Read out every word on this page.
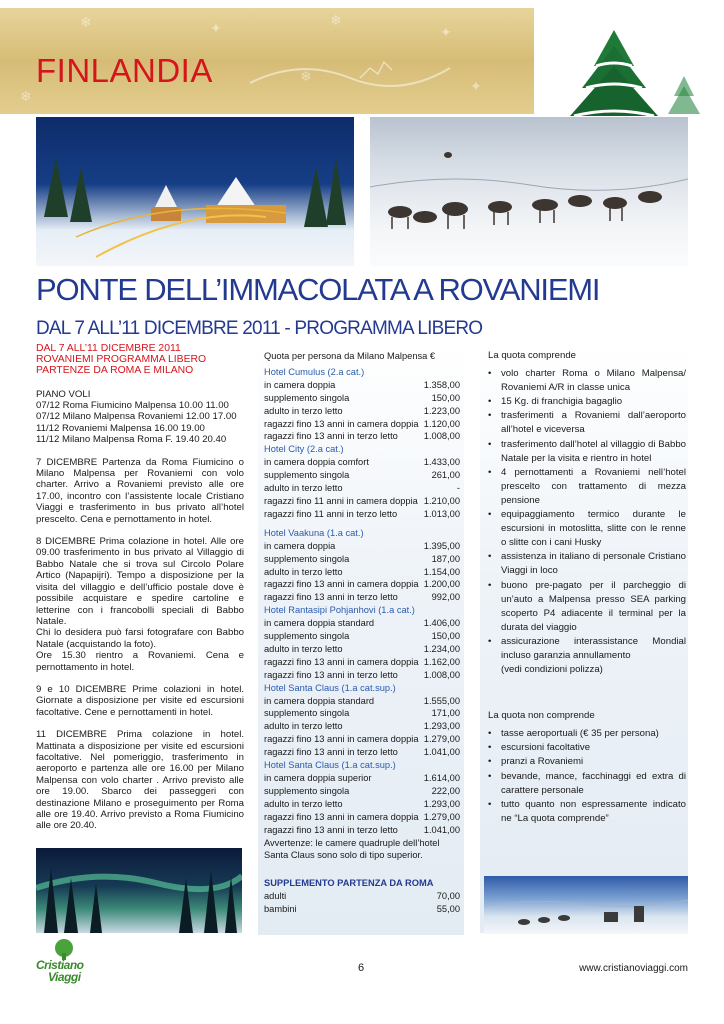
❄	✦	❄
✦
❄
✦
❄
FINLANDIA
PONTE DELL’IMMACOLATA A ROVANIEMI
DAL 7 ALL’11 DICEMBRE 2011 - PROGRAMMA LIBERO
DAL 7 ALL’11 DICEMBRE 2011
ROVANIEMI PROGRAMMA LIBERO
PARTENZE DA ROMA E MILANO
PIANO VOLI
07/12 Roma Fiumicino Malpensa 10.00 11.00
07/12 Milano Malpensa Rovaniemi 12.00 17.00
11/12 Rovaniemi Malpensa 16.00 19.00
11/12 Milano Malpensa Roma F. 19.40 20.40
7 DICEMBRE Partenza da Roma Fiumicino o Milano Malpensa per Rovaniemi con volo charter. Arrivo a Rovaniemi previsto alle ore 17.00, incontro con l’assistente locale Cristiano Viaggi e trasferimento in bus privato all’hotel prescelto. Cena e pernottamento in hotel.
8 DICEMBRE Prima colazione in hotel. Alle ore 09.00 trasferimento in bus privato al Villaggio di Babbo Natale che si trova sul Circolo Polare Artico (Napapijri). Tempo a disposizione per la visita del villaggio e dell’ufficio postale dove è possibile acquistare e spedire cartoline e letterine con i francobolli speciali di Babbo Natale.
Chi lo desidera può farsi fotografare con Babbo Natale (acquistando la foto).
Ore 15.30 rientro a Rovaniemi. Cena e pernottamento in hotel.
9 e 10 DICEMBRE Prime colazioni in hotel. Giornate a disposizione per visite ed escursioni facoltative. Cene e pernottamenti in hotel.
11 DICEMBRE Prima colazione in hotel. Mattinata a disposizione per visite ed escursioni facoltative. Nel pomeriggio, trasferimento in aeroporto e partenza alle ore 16.00 per Milano Malpensa con volo charter . Arrivo previsto alle ore 19.00. Sbarco dei passeggeri con destinazione Milano e proseguimento per Roma alle ore 19.40. Arrivo previsto a Roma Fiumicino alle ore 20.40.
Quota per persona da Milano Malpensa €
Hotel Cumulus (2.a cat.)
in camera doppia	1.358,00
supplemento singola	150,00
adulto in terzo letto	1.223,00
ragazzi fino 13 anni in camera doppia 1.120,00
ragazzi fino 13 anni in terzo letto	1.008,00
Hotel City (2.a cat.)
in camera doppia comfort	1.433,00
supplemento singola	261,00
adulto in terzo letto	-
ragazzi fino 11 anni in camera doppia 1.210,00
ragazzi fino 11 anni in terzo letto	1.013,00
Hotel Vaakuna (1.a cat.)
in camera doppia	1.395,00
supplemento singola	187,00
adulto in terzo letto	1.154,00
ragazzi fino 13 anni in camera doppia 1.200,00
ragazzi fino 13 anni in terzo letto	992,00
Hotel Rantasipi Pohjanhovi (1.a cat.)
in camera doppia standard	1.406,00
supplemento singola	150,00
adulto in terzo letto	1.234,00
ragazzi fino 13 anni in camera doppia 1.162,00
ragazzi fino 13 anni in terzo letto	1.008,00
Hotel Santa Claus (1.a cat.sup.)
in camera doppia standard	1.555,00
supplemento singola	171,00
adulto in terzo letto	1.293,00
ragazzi fino 13 anni in camera doppia 1.279,00
ragazzi fino 13 anni in terzo letto	1.041,00
Hotel Santa Claus (1.a cat.sup.)
in camera doppia superior	1.614,00
supplemento singola	222,00
adulto in terzo letto	1.293,00
ragazzi fino 13 anni in camera doppia 1.279,00
ragazzi fino 13 anni in terzo letto	1.041,00
Avvertenze: le camere quadruple dell’hotel Santa Claus sono solo di tipo superior.
SUPPLEMENTO PARTENZA DA ROMA
adulti	70,00
bambini	55,00
La quota comprende
• volo charter Roma o Milano Malpensa/ Rovaniemi A/R in classe unica
• 15 Kg. di franchigia bagaglio
• trasferimenti a Rovaniemi dall’aeroporto all’hotel e viceversa
• trasferimento dall’hotel al villaggio di Babbo Natale per la visita e rientro in hotel
• 4 pernottamenti a Rovaniemi nell’hotel prescelto con trattamento di mezza pensione
• equipaggiamento termico durante le escursioni in motoslitta, slitte con le renne o slitte con i cani Husky
• assistenza in italiano di personale Cristiano Viaggi in loco
• buono pre-pagato per il parcheggio di un’auto a Malpensa presso SEA parking scoperto P4 adiacente il terminal per la durata del viaggio
• assicurazione interassistance Mondial incluso garanzia annullamento
(vedi condizioni polizza)
La quota non comprende
• tasse aeroportuali (€ 35 per persona)
• escursioni facoltative
• pranzi a Rovaniemi
• bevande, mance, facchinaggi ed extra di carattere personale
• tutto quanto non espressamente indicato ne “La quota comprende”
Cristiano
Viaggi
6	www.cristianoviaggi.com
